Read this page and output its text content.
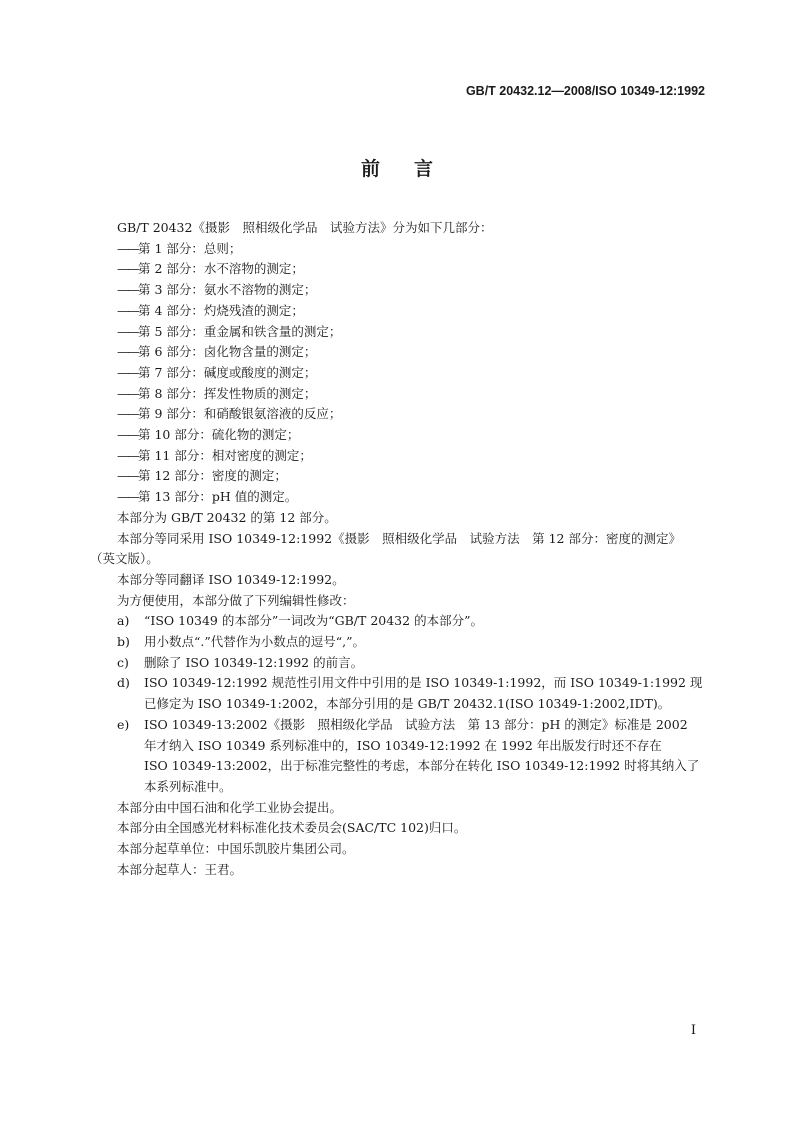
GB/T 20432.12—2008/ISO 10349-12:1992
前 言
GB/T 20432《摄影　照相级化学品　试验方法》分为如下几部分：
——第 1 部分：总则；
——第 2 部分：水不溶物的测定；
——第 3 部分：氨水不溶物的测定；
——第 4 部分：灼烧残渣的测定；
——第 5 部分：重金属和铁含量的测定；
——第 6 部分：卤化物含量的测定；
——第 7 部分：碱度或酸度的测定；
——第 8 部分：挥发性物质的测定；
——第 9 部分：和硝酸银氨溶液的反应；
——第 10 部分：硫化物的测定；
——第 11 部分：相对密度的测定；
——第 12 部分：密度的测定；
——第 13 部分：pH 值的测定。
本部分为 GB/T 20432 的第 12 部分。
本部分等同采用 ISO 10349-12:1992《摄影　照相级化学品　试验方法　第 12 部分：密度的测定》
（英文版）。
本部分等同翻译 ISO 10349-12:1992。
为方便使用，本部分做了下列编辑性修改：
a)	“ISO 10349 的本部分”一词改为“GB/T 20432 的本部分”。
b)	用小数点“.”代替作为小数点的逗号“,”。
c)	删除了 ISO 10349-12:1992 的前言。
d)	ISO 10349-12:1992 规范性引用文件中引用的是 ISO 10349-1:1992，而 ISO 10349-1:1992 现
已修定为 ISO 10349-1:2002，本部分引用的是 GB/T 20432.1(ISO 10349-1:2002,IDT)。
e)	ISO 10349-13:2002《摄影　照相级化学品　试验方法　第 13 部分：pH 的测定》标准是 2002
年才纳入 ISO 10349 系列标准中的，ISO 10349-12:1992 在 1992 年出版发行时还不存在
ISO 10349-13:2002，出于标准完整性的考虑，本部分在转化 ISO 10349-12:1992 时将其纳入了
本系列标准中。
本部分由中国石油和化学工业协会提出。
本部分由全国感光材料标准化技术委员会(SAC/TC 102)归口。
本部分起草单位：中国乐凯胶片集团公司。
本部分起草人：王君。
I
